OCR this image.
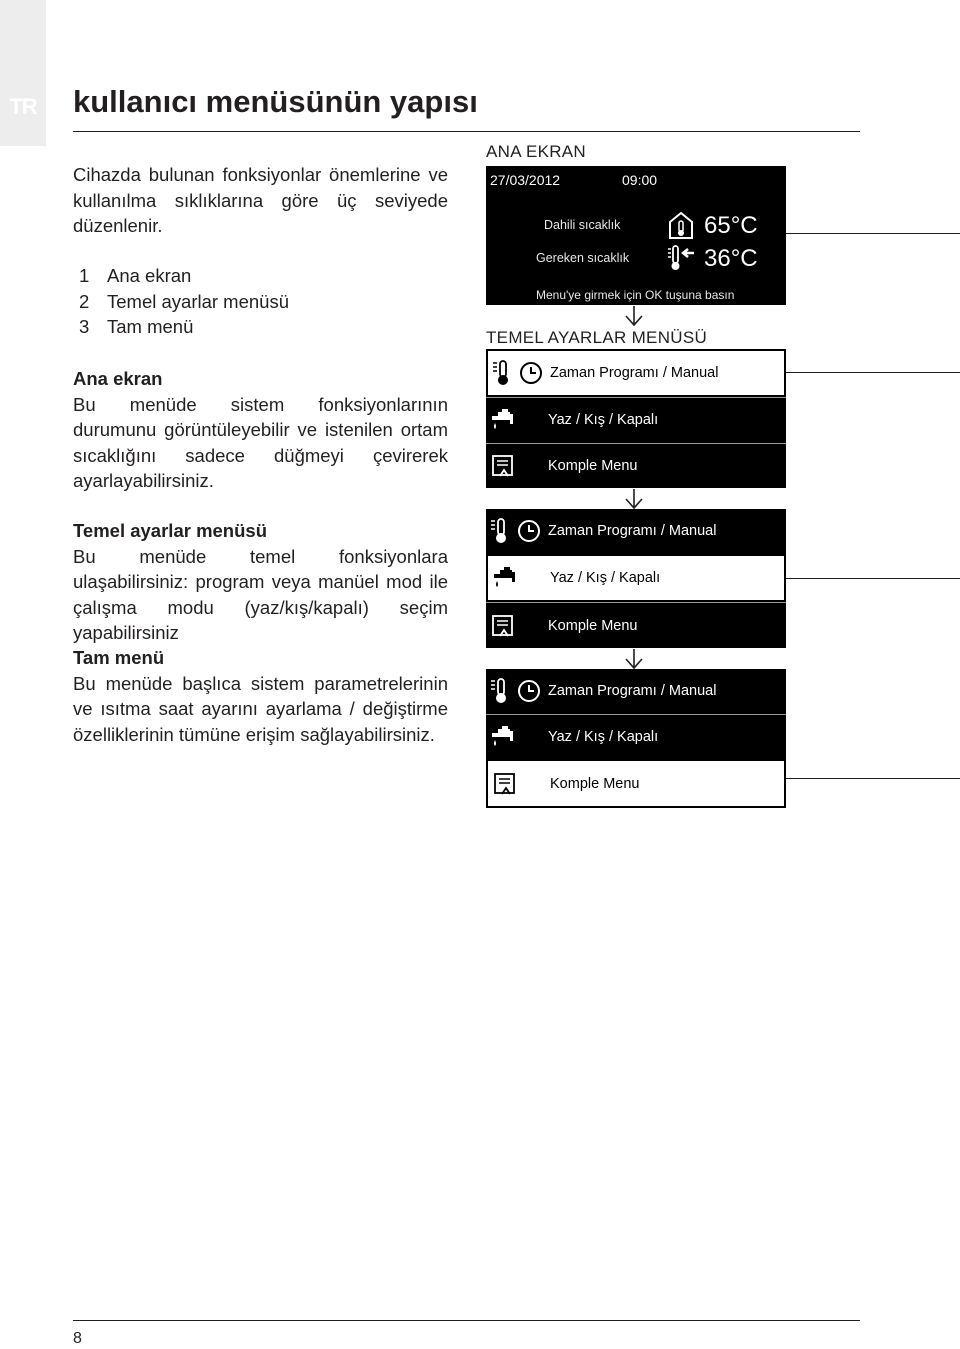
TR	kullanıcı menüsünün yapısı

Cihazda bulunan fonksiyonlar önemlerine ve kullanılma sıklıklarına göre üç seviyede düzenlenir.

1 Ana ekran
2 Temel ayarlar menüsü
3 Tam menü
Ana ekran

Bu menüde sistem fonksiyonlarının durumunu görüntüleyebilir ve istenilen ortam sıcaklığını sadece düğmeyi çevirerek ayarlayabilirsiniz.

Temel ayarlar menüsü

Bu menüde temel fonksiyonlara ulaşabilirsiniz: program veya manüel mod ile çalışma modu (yaz/kış/kapalı) seçim yapabilirsiniz

Tam menü

Bu menüde başlıca sistem parametrelerinin ve ısıtma saat ayarını ayarlama / değiştirme özelliklerinin tümüne erişim sağlayabilirsiniz.

ANA EKRAN
27/03/2012	09:00
Dahili sıcaklık	65°C
Gereken sıcaklık	36°C
Menu'ye girmek için OK tuşuna basın
TEMEL AYARLAR MENÜSÜ
Zaman Programı / Manual
Yaz / Kış / Kapalı
Komple Menu
Zaman Programı / Manual
Yaz / Kış / Kapalı
Komple Menu
Zaman Programı / Manual
Yaz / Kış / Kapalı
Komple Menu
8
